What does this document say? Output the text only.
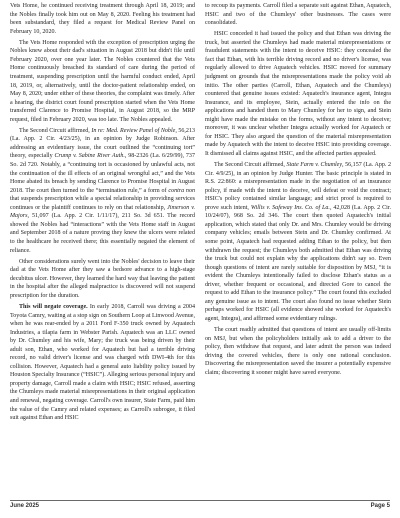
Vets Home, he continued receiving treatment through April 18, 2019; and the Nobles finally took him out on May 8, 2020. Feeling his treatment had been substandard, they filed a request for Medical Review Panel on February 10, 2020.

The Vets Home responded with the exception of prescription urging the Nobles knew about their dad's situation in August 2018 but didn't file until February 2020, over one year later. The Nobles countered that the Vets Home continuously breached its standard of care during the period of treatment, suspending prescription until the harmful conduct ended, April 18, 2019, or, alternatively, until the doctor-patient relationship ended, on May 8, 2020; under either of these theories, the complaint was timely. After a hearing, the district court found prescription started when the Vets Home transferred Clarence to Promise Hospital, in August 2018, so the MRP request, filed in February 2020, was too late. The Nobles appealed.

The Second Circuit affirmed, In re: Med. Review Panel of Noble, 56,213 (La. App. 2 Cir. 4/23/25), in an opinion by Judge Robinson. After addressing an evidentiary issue, the court outlined the “continuing tort” theory, especially Crump v. Sabine River Auth., 98-2326 (La. 6/29/99), 737 So. 2d 720. Notably, a “continuing tort is occasioned by unlawful acts, not the continuation of the ill effects of an original wrongful act,” and the Vets Home abated its breach by sending Clarence to Promise Hospital in August 2018. The court then turned to the “termination rule,” a form of contra non that suspends prescription while a special relationship in providing services continues or the plaintiff continues to rely on that relationship, Jimerson v. Majors, 51,097 (La. App. 2 Cir. 1/11/17), 211 So. 3d 651. The record showed the Nobles had “interactions” with the Vets Home staff in August and September 2018 of a nature proving they knew the ulcers were related to the healthcare he received there; this essentially negated the element of reliance.

Other considerations surely went into the Nobles' decision to leave their dad at the Vets Home after they saw a bedsore advance to a high-stage decubitus ulcer. However, they learned the hard way that leaving the patient in the hospital after the alleged malpractice is discovered will not suspend prescription for the duration.

This will negate coverage. In early 2018, Carroll was driving a 2004 Toyota Camry, waiting at a stop sign on Southern Loop at Linwood Avenue, when he was rear-ended by a 2011 Ford F-350 truck owned by Aquatech Industries, a tilapia farm in Webster Parish. Aquatech was an LLC owned by Dr. Chumley and his wife, Mary; the truck was being driven by their adult son, Ethan, who worked for Aquatech but had a terrible driving record, no valid driver's license and was charged with DWI-4th for this collision. However, Aquatech had a general auto liability policy issued by Houston Specialty Insurance (“HSIC”). Alleging serious personal injury and property damage, Carroll made a claim with HSIC; HSIC refused, asserting the Chumleys made material misrepresentations in their original application and renewal, negating coverage. Carroll's own insurer, State Farm, paid him the value of the Camry and related expenses; as Carroll's subrogee, it filed suit against Ethan and HSIC

to recoup its payments. Carroll filed a separate suit against Ethan, Aquatech, HSIC and two of the Chumleys' other businesses. The cases were consolidated.

HSIC conceded it had issued the policy and that Ethan was driving the truck, but asserted the Chumleys had made material misrepresentations or fraudulent statements with the intent to deceive HSIC: they concealed the fact that Ethan, with his terrible driving record and no driver's license, was regularly allowed to drive Aquatech vehicles. HSIC moved for summary judgment on grounds that the misrepresentations made the policy void ab initio. The other parties (Carroll, Ethan, Aquatech and the Chumleys) countered that genuine issues existed: Aquatech's insurance agent, Integra Insurance, and its employee, Stein, actually entered the info on the applications and handed them to Mary Chumley for her to sign, and Stein might have made the mistake on the forms, without any intent to deceive; moreover, it was unclear whether Integra actually worked for Aquatech or for HSIC. They also argued the question of the material misrepresentation made by Aquatech with the intent to deceive HSIC into providing coverage. It dismissed all claims against HSIC, and the affected parties appealed.

The Second Circuit affirmed, State Farm v. Chumley, 56,157 (La. App. 2 Cir. 4/9/25), in an opinion by Judge Hunter. The basic principle is stated in R.S. 22:860: a misrepresentation made in the negotiation of an insurance policy, if made with the intent to deceive, will defeat or void the contract; HSIC's policy contained similar language; and strict proof is required to prove such intent, Willis v. Safeway Ins. Co. of La., 42,028 (La. App. 2 Cir. 10/24/07), 968 So. 2d 346. The court then quoted Aquatech's initial application, which stated that only Dr. and Mrs. Chumley would be driving company vehicles; emails between Stein and Dr. Chumley confirmed. At some point, Aquatech had requested adding Ethan to the policy, but then withdrawn the request; the Chumleys both admitted that Ethan was driving the truck but could not explain why the applications didn't say so. Even though questions of intent are rarely suitable for disposition by MSJ, “it is evident the Chumleys intentionally failed to disclose Ethan's status as a driver, whether frequent or occasional, and directed Gore to cancel the request to add Ethan to the insurance policy.” The court found this excluded any genuine issue as to intent. The court also found no issue whether Stein perhaps worked for HSIC (all evidence showed she worked for Aquatech's agent, Integra), and affirmed some evidentiary rulings.

The court readily admitted that questions of intent are usually off-limits on MSJ, but when the policyholders initially ask to add a driver to the policy, then withdraw that request, and later admit the person was indeed driving the covered vehicles, there is only one rational conclusion. Discovering the misrepresentation saved the insurer a potentially expensive claim; discovering it sooner might have saved everyone.

June 2025	Page 5
